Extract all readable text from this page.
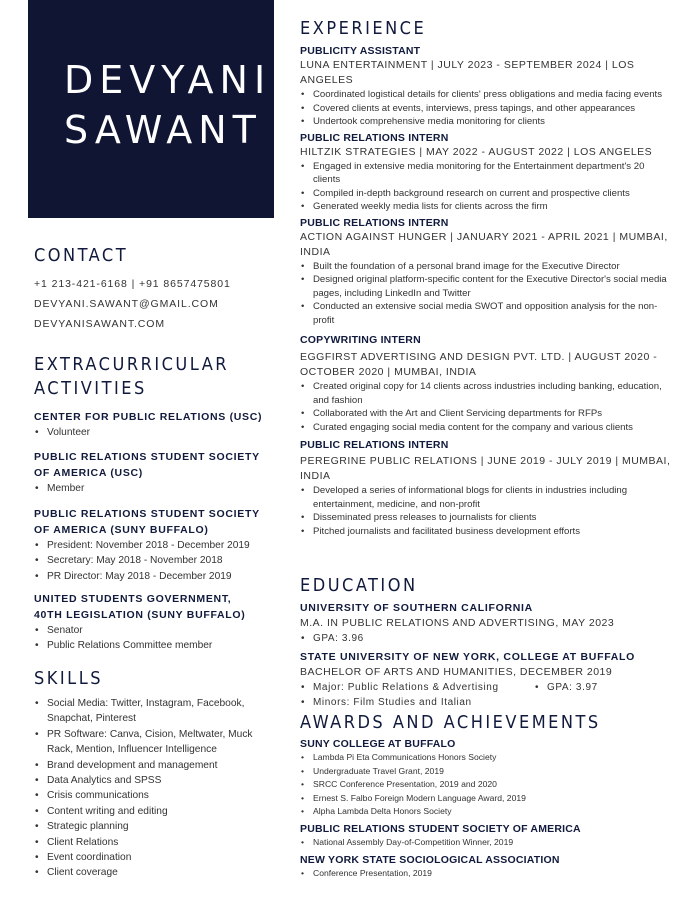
DEVYANI
SAWANT
CONTACT
+1 213-421-6168 | +91 8657475801
DEVYANI.SAWANT@GMAIL.COM
DEVYANISAWANT.COM
EXTRACURRICULAR
ACTIVITIES
CENTER FOR PUBLIC RELATIONS (USC)
• Volunteer
PUBLIC RELATIONS STUDENT SOCIETY
OF AMERICA (USC)
• Member
PUBLIC RELATIONS STUDENT SOCIETY
OF AMERICA (SUNY BUFFALO)
• President: November 2018 - December 2019
• Secretary: May 2018 - November 2018
• PR Director: May 2018 - December 2019
UNITED STUDENTS GOVERNMENT,
40TH LEGISLATION (SUNY BUFFALO)
• Senator
• Public Relations Committee member
SKILLS
• Social Media: Twitter, Instagram, Facebook, Snapchat, Pinterest
• PR Software: Canva, Cision, Meltwater, Muck Rack, Mention, Influencer Intelligence
• Brand development and management
• Data Analytics and SPSS
• Crisis communications
• Content writing and editing
• Strategic planning
• Client Relations
• Event coordination
• Client coverage
EXPERIENCE
PUBLICITY ASSISTANT
LUNA ENTERTAINMENT | JULY 2023 - SEPTEMBER 2024 | LOS ANGELES
• Coordinated logistical details for clients' press obligations and media facing events
• Covered clients at events, interviews, press tapings, and other appearances
• Undertook comprehensive media monitoring for clients
PUBLIC RELATIONS INTERN
HILTZIK STRATEGIES | MAY 2022 - AUGUST 2022 | LOS ANGELES
• Engaged in extensive media monitoring for the Entertainment department's 20 clients
• Compiled in-depth background research on current and prospective clients
• Generated weekly media lists for clients across the firm
PUBLIC RELATIONS INTERN
ACTION AGAINST HUNGER | JANUARY 2021 - APRIL 2021 | MUMBAI, INDIA
• Built the foundation of a personal brand image for the Executive Director
• Designed original platform-specific content for the Executive Director's social media pages, including LinkedIn and Twitter
• Conducted an extensive social media SWOT and opposition analysis for the non-profit
COPYWRITING INTERN
EGGFIRST ADVERTISING AND DESIGN PVT. LTD. | AUGUST 2020 - OCTOBER 2020 | MUMBAI, INDIA
• Created original copy for 14 clients across industries including banking, education, and fashion
• Collaborated with the Art and Client Servicing departments for RFPs
• Curated engaging social media content for the company and various clients
PUBLIC RELATIONS INTERN
PEREGRINE PUBLIC RELATIONS | JUNE 2019 - JULY 2019 | MUMBAI, INDIA
• Developed a series of informational blogs for clients in industries including entertainment, medicine, and non-profit
• Disseminated press releases to journalists for clients
• Pitched journalists and facilitated business development efforts
EDUCATION
UNIVERSITY OF SOUTHERN CALIFORNIA
M.A. IN PUBLIC RELATIONS AND ADVERTISING, MAY 2023
• GPA: 3.96
STATE UNIVERSITY OF NEW YORK, COLLEGE AT BUFFALO
BACHELOR OF ARTS AND HUMANITIES, DECEMBER 2019
• Major: Public Relations & Advertising
•	GPA: 3.97
• Minors: Film Studies and Italian
AWARDS AND ACHIEVEMENTS
SUNY COLLEGE AT BUFFALO
• Lambda Pi Eta Communications Honors Society
• Undergraduate Travel Grant, 2019
• SRCC Conference Presentation, 2019 and 2020
• Ernest S. Falbo Foreign Modern Language Award, 2019
• Alpha Lambda Delta Honors Society
PUBLIC RELATIONS STUDENT SOCIETY OF AMERICA
• National Assembly Day-of-Competition Winner, 2019
NEW YORK STATE SOCIOLOGICAL ASSOCIATION
• Conference Presentation, 2019
